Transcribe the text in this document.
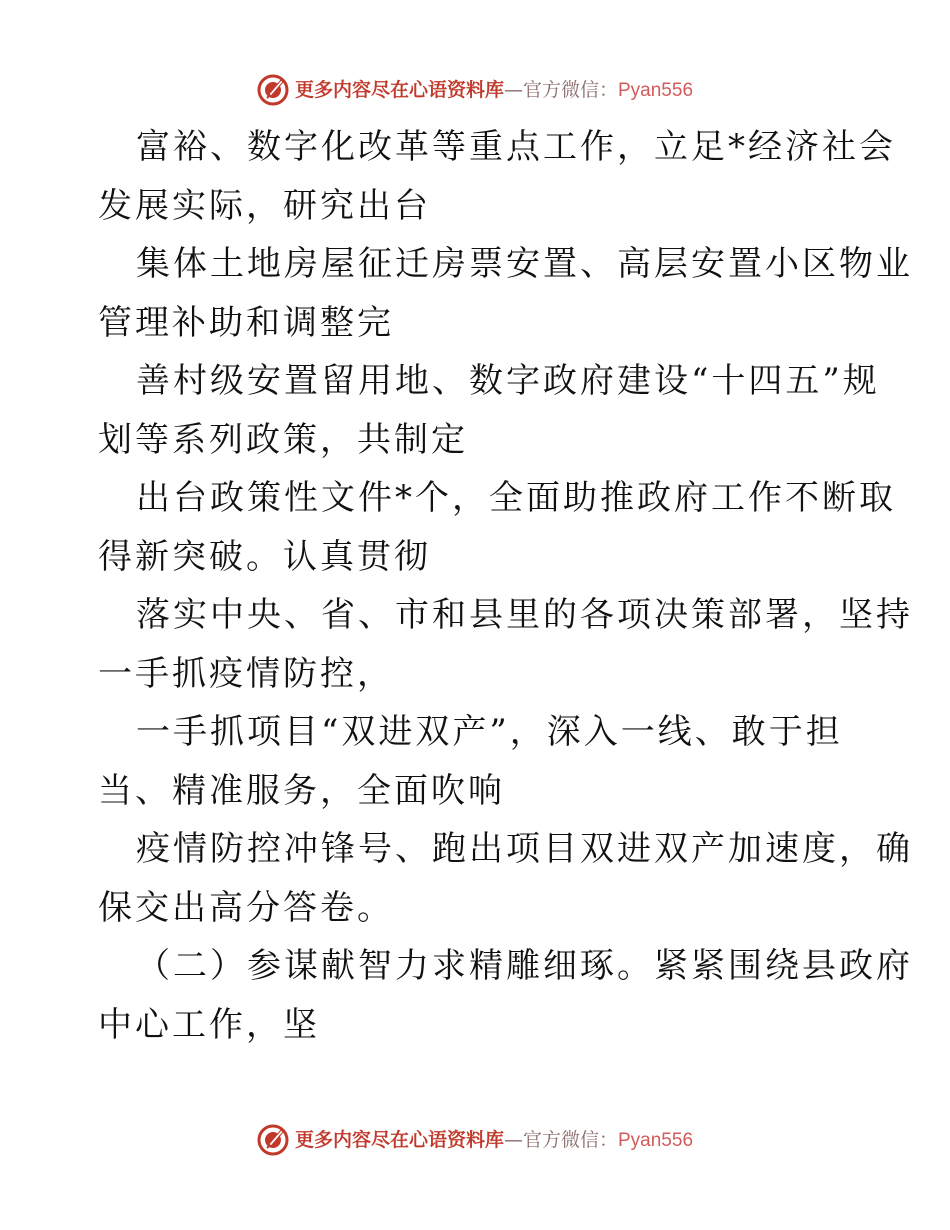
更多内容尽在心语资料库—官方微信：Pyan556
富裕、数字化改革等重点工作，立足*经济社会
发展实际，研究出台
集体土地房屋征迁房票安置、高层安置小区物业
管理补助和调整完
善村级安置留用地、数字政府建设“十四五”规
划等系列政策，共制定
出台政策性文件*个，全面助推政府工作不断取
得新突破。认真贯彻
落实中央、省、市和县里的各项决策部署，坚持
一手抓疫情防控，
一手抓项目“双进双产”，深入一线、敢于担
当、精准服务，全面吹响
疫情防控冲锋号、跑出项目双进双产加速度，确
保交出高分答卷。
（二）参谋献智力求精雕细琢。紧紧围绕县政府
中心工作，坚
更多内容尽在心语资料库—官方微信：Pyan556
